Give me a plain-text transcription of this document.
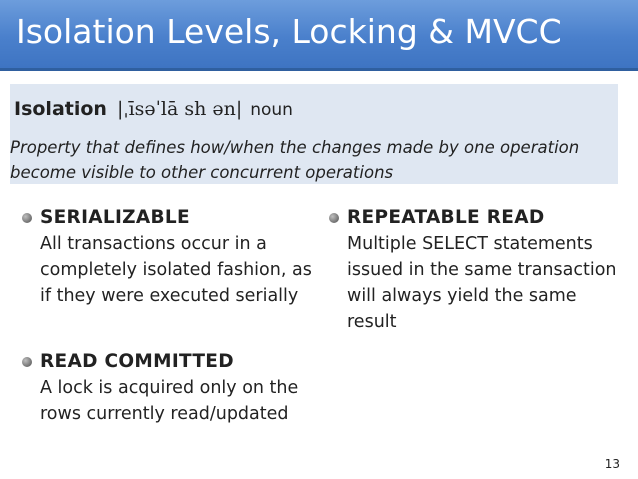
Isolation Levels, Locking & MVCC
Isolation |ˌīsəˈlā sh ən| noun
Property that defines how/when the changes made by one operation become visible to other concurrent operations
SERIALIZABLE
All transactions occur in a completely isolated fashion, as if they were executed serially
REPEATABLE READ
Multiple SELECT statements issued in the same transaction will always yield the same result
READ COMMITTED
A lock is acquired only on the rows currently read/updated
13
